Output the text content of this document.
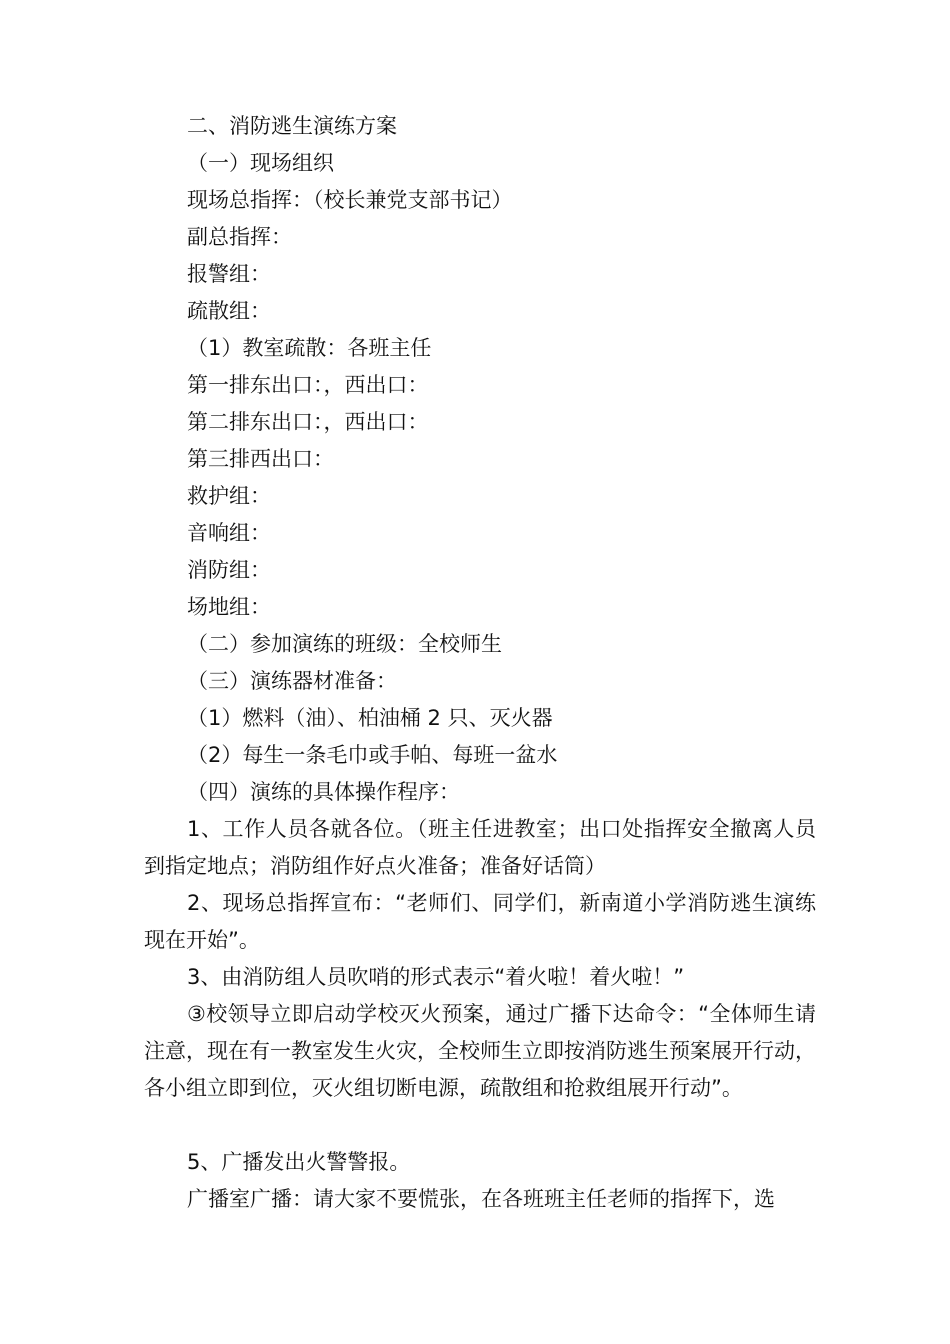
二、消防逃生演练方案
（一）现场组织
现场总指挥：（校长兼党支部书记）
副总指挥：
报警组：
疏散组：
（1）教室疏散：各班主任
第一排东出口：，西出口：
第二排东出口：，西出口：
第三排西出口：
救护组：
音响组：
消防组：
场地组：
（二）参加演练的班级：全校师生
（三）演练器材准备：
（1）燃料（油）、柏油桶 2 只、灭火器
（2）每生一条毛巾或手帕、每班一盆水
（四）演练的具体操作程序：
1、工作人员各就各位。（班主任进教室；出口处指挥安全撤离人员到指定地点；消防组作好点火准备；准备好话筒）
2、现场总指挥宣布：“老师们、同学们，新南道小学消防逃生演练现在开始”。
3、由消防组人员吹哨的形式表示“着火啦！着火啦！”
③校领导立即启动学校灭火预案，通过广播下达命令：“全体师生请注意，现在有一教室发生火灾，全校师生立即按消防逃生预案展开行动，各小组立即到位，灭火组切断电源，疏散组和抢救组展开行动”。
5、广播发出火警警报。
广播室广播：请大家不要慌张，在各班班主任老师的指挥下，选
